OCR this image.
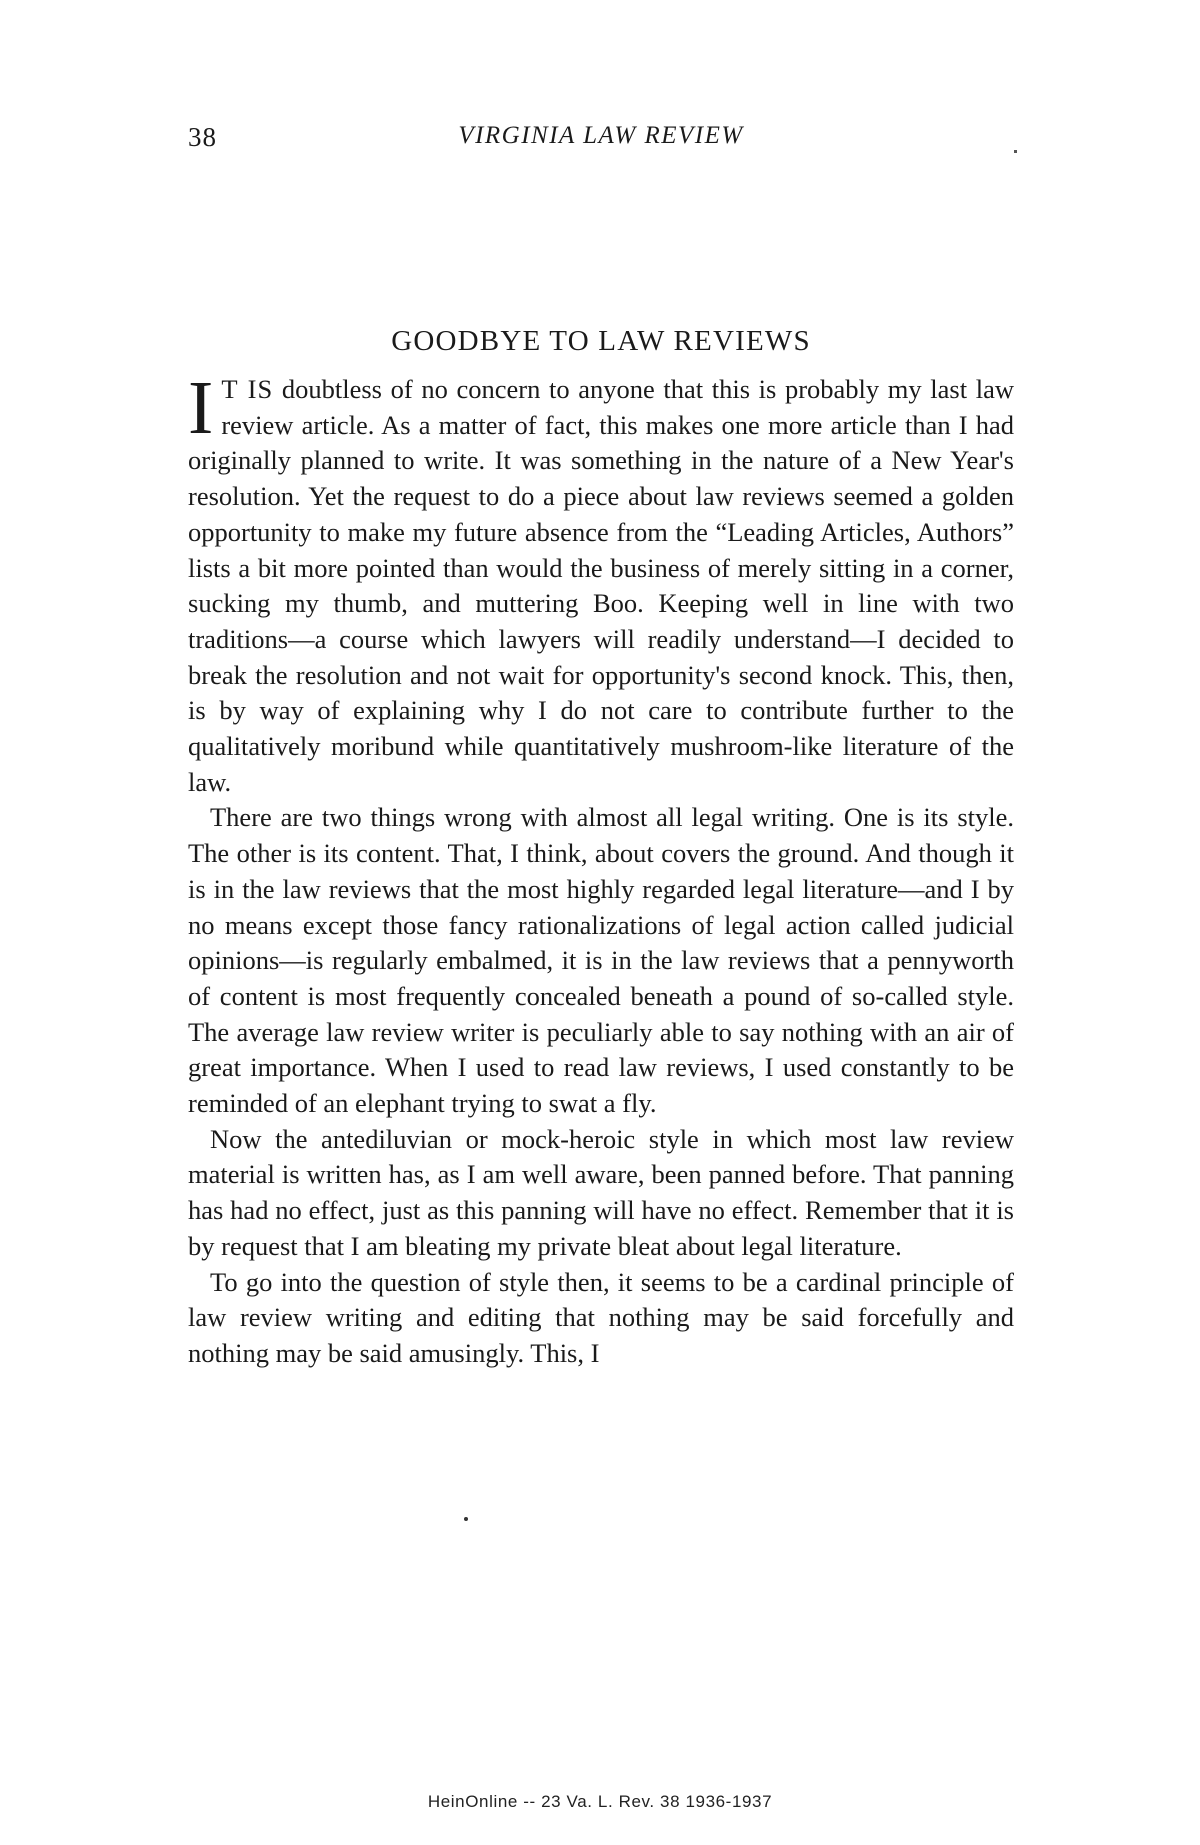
38	VIRGINIA LAW REVIEW
GOODBYE TO LAW REVIEWS

I T IS doubtless of no concern to anyone that this is probably my last law review article. As a matter of fact, this makes one more article than I had originally planned to write. It was something in the nature of a New Year's resolution. Yet the request to do a piece about law reviews seemed a golden opportunity to make my future absence from the “Leading Articles, Authors” lists a bit more pointed than would the business of merely sitting in a corner, sucking my thumb, and muttering Boo. Keeping well in line with two traditions—a course which lawyers will readily understand—I decided to break the resolution and not wait for opportunity's second knock. This, then, is by way of explaining why I do not care to contribute further to the qualitatively moribund while quantitatively mushroom-like literature of the law.

There are two things wrong with almost all legal writing. One is its style. The other is its content. That, I think, about covers the ground. And though it is in the law reviews that the most highly regarded legal literature—and I by no means except those fancy rationalizations of legal action called judicial opinions—is regularly embalmed, it is in the law reviews that a pennyworth of content is most frequently concealed beneath a pound of so-called style. The average law review writer is peculiarly able to say nothing with an air of great importance. When I used to read law reviews, I used constantly to be reminded of an elephant trying to swat a fly.

Now the antediluvian or mock-heroic style in which most law review material is written has, as I am well aware, been panned before. That panning has had no effect, just as this panning will have no effect. Remember that it is by request that I am bleating my private bleat about legal literature.

To go into the question of style then, it seems to be a cardinal principle of law review writing and editing that nothing may be said forcefully and nothing may be said amusingly. This, I

HeinOnline -- 23 Va. L. Rev. 38 1936-1937
